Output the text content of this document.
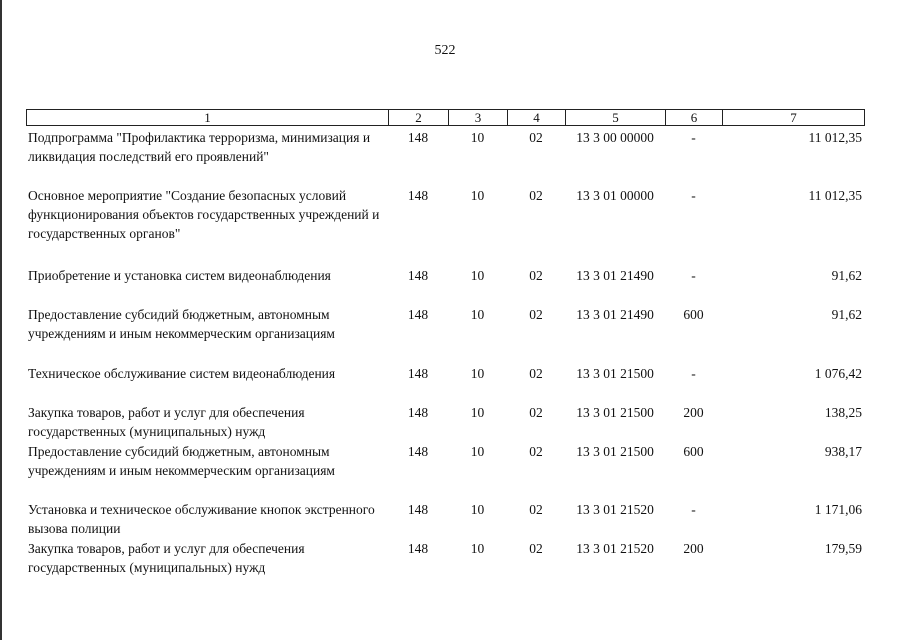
522
1	2	3	4	5	6	7
Подпрограмма "Профилактика терроризма, минимизация и ликвидация последствий его проявлений"	148	10	02	13 3 00 00000	-	11 012,35
Основное мероприятие "Создание безопасных условий функционирования объектов государственных учреждений и государственных органов"	148	10	02	13 3 01 00000	-	11 012,35
Приобретение и установка систем видеонаблюдения	148	10	02	13 3 01 21490	-	91,62
Предоставление субсидий бюджетным, автономным учреждениям и иным некоммерческим организациям	148	10	02	13 3 01 21490	600	91,62
Техническое обслуживание систем видеонаблюдения	148	10	02	13 3 01 21500	-	1 076,42
Закупка товаров, работ и услуг для обеспечения государственных (муниципальных) нужд	148	10	02	13 3 01 21500	200	138,25
Предоставление субсидий бюджетным, автономным учреждениям и иным некоммерческим организациям	148	10	02	13 3 01 21500	600	938,17
Установка и техническое обслуживание кнопок экстренного вызова полиции	148	10	02	13 3 01 21520	-	1 171,06
Закупка товаров, работ и услуг для обеспечения государственных (муниципальных) нужд	148	10	02	13 3 01 21520	200	179,59
